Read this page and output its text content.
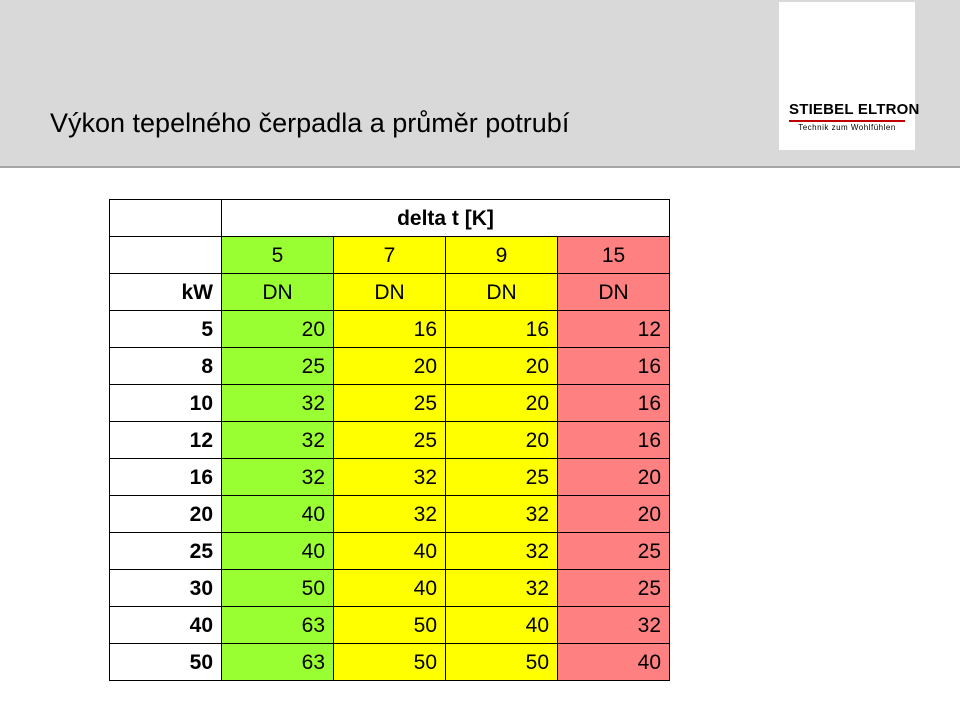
Výkon tepelného čerpadla a průměr potrubí	STIEBEL ELTRON
Technik zum Wohlfühlen
	delta t [K]			
	5	7	9	15
kW	DN	DN	DN	DN
5	20	16	16	12
8	25	20	20	16
10	32	25	20	16
12	32	25	20	16
16	32	32	25	20
20	40	32	32	20
25	40	40	32	25
30	50	40	32	25
40	63	50	40	32
50	63	50	50	40
